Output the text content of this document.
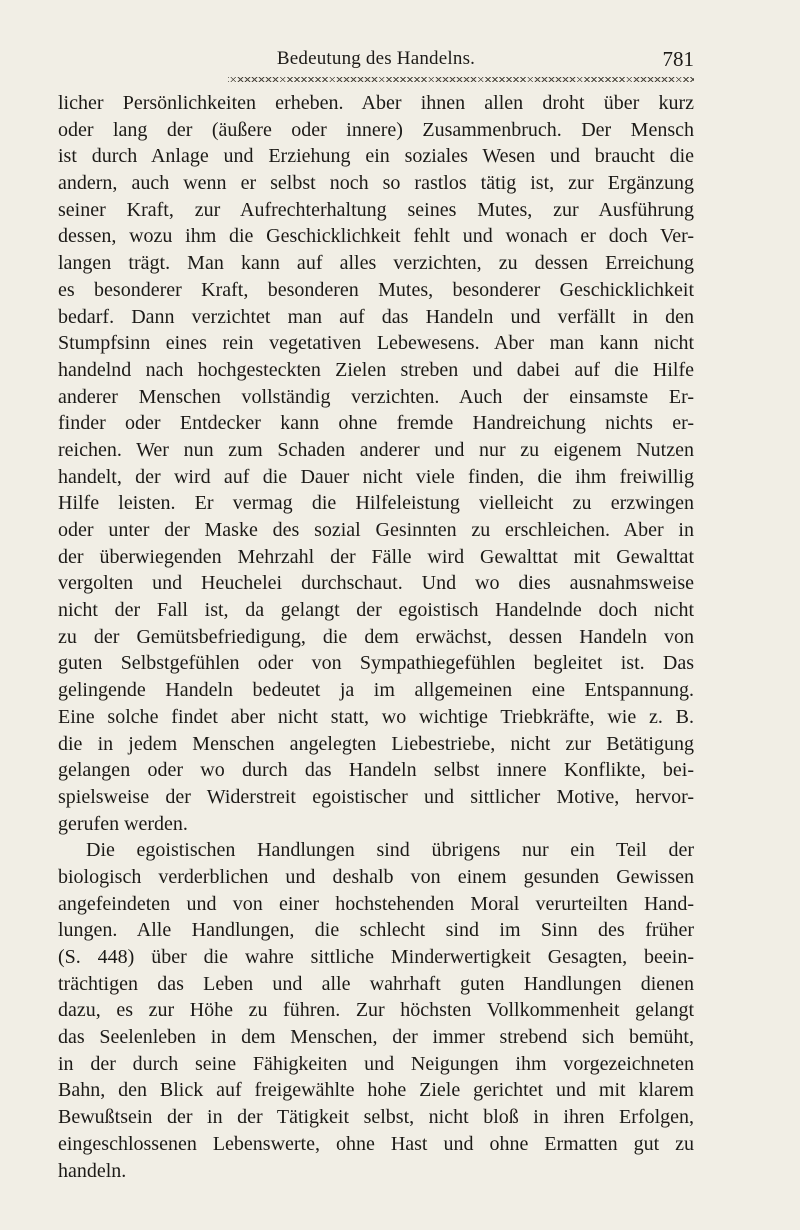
Bedeutung des Handelns.	781
licher Persönlichkeiten erheben. Aber ihnen allen droht über kurz
oder lang der (äußere oder innere) Zusammenbruch. Der Mensch
ist durch Anlage und Erziehung ein soziales Wesen und braucht die
andern, auch wenn er selbst noch so rastlos tätig ist, zur Ergänzung
seiner Kraft, zur Aufrechterhaltung seines Mutes, zur Ausführung
dessen, wozu ihm die Geschicklichkeit fehlt und wonach er doch Ver-
langen trägt. Man kann auf alles verzichten, zu dessen Erreichung
es besonderer Kraft, besonderen Mutes, besonderer Geschicklichkeit
bedarf. Dann verzichtet man auf das Handeln und verfällt in den
Stumpfsinn eines rein vegetativen Lebewesens. Aber man kann nicht
handelnd nach hochgesteckten Zielen streben und dabei auf die Hilfe
anderer Menschen vollständig verzichten. Auch der einsamste Er-
finder oder Entdecker kann ohne fremde Handreichung nichts er-
reichen. Wer nun zum Schaden anderer und nur zu eigenem Nutzen
handelt, der wird auf die Dauer nicht viele finden, die ihm freiwillig
Hilfe leisten. Er vermag die Hilfeleistung vielleicht zu erzwingen
oder unter der Maske des sozial Gesinnten zu erschleichen. Aber in
der überwiegenden Mehrzahl der Fälle wird Gewalttat mit Gewalttat
vergolten und Heuchelei durchschaut. Und wo dies ausnahmsweise
nicht der Fall ist, da gelangt der egoistisch Handelnde doch nicht
zu der Gemütsbefriedigung, die dem erwächst, dessen Handeln von
guten Selbstgefühlen oder von Sympathiegefühlen begleitet ist. Das
gelingende Handeln bedeutet ja im allgemeinen eine Entspannung.
Eine solche findet aber nicht statt, wo wichtige Triebkräfte, wie z. B.
die in jedem Menschen angelegten Liebestriebe, nicht zur Betätigung
gelangen oder wo durch das Handeln selbst innere Konflikte, bei-
spielsweise der Widerstreit egoistischer und sittlicher Motive, hervor-
gerufen werden.
Die egoistischen Handlungen sind übrigens nur ein Teil der
biologisch verderblichen und deshalb von einem gesunden Gewissen
angefeindeten und von einer hochstehenden Moral verurteilten Hand-
lungen. Alle Handlungen, die schlecht sind im Sinn des früher
(S. 448) über die wahre sittliche Minderwertigkeit Gesagten, beein-
trächtigen das Leben und alle wahrhaft guten Handlungen dienen
dazu, es zur Höhe zu führen. Zur höchsten Vollkommenheit gelangt
das Seelenleben in dem Menschen, der immer strebend sich bemüht,
in der durch seine Fähigkeiten und Neigungen ihm vorgezeichneten
Bahn, den Blick auf freigewählte hohe Ziele gerichtet und mit klarem
Bewußtsein der in der Tätigkeit selbst, nicht bloß in ihren Erfolgen,
eingeschlossenen Lebenswerte, ohne Hast und ohne Ermatten gut zu
handeln.
